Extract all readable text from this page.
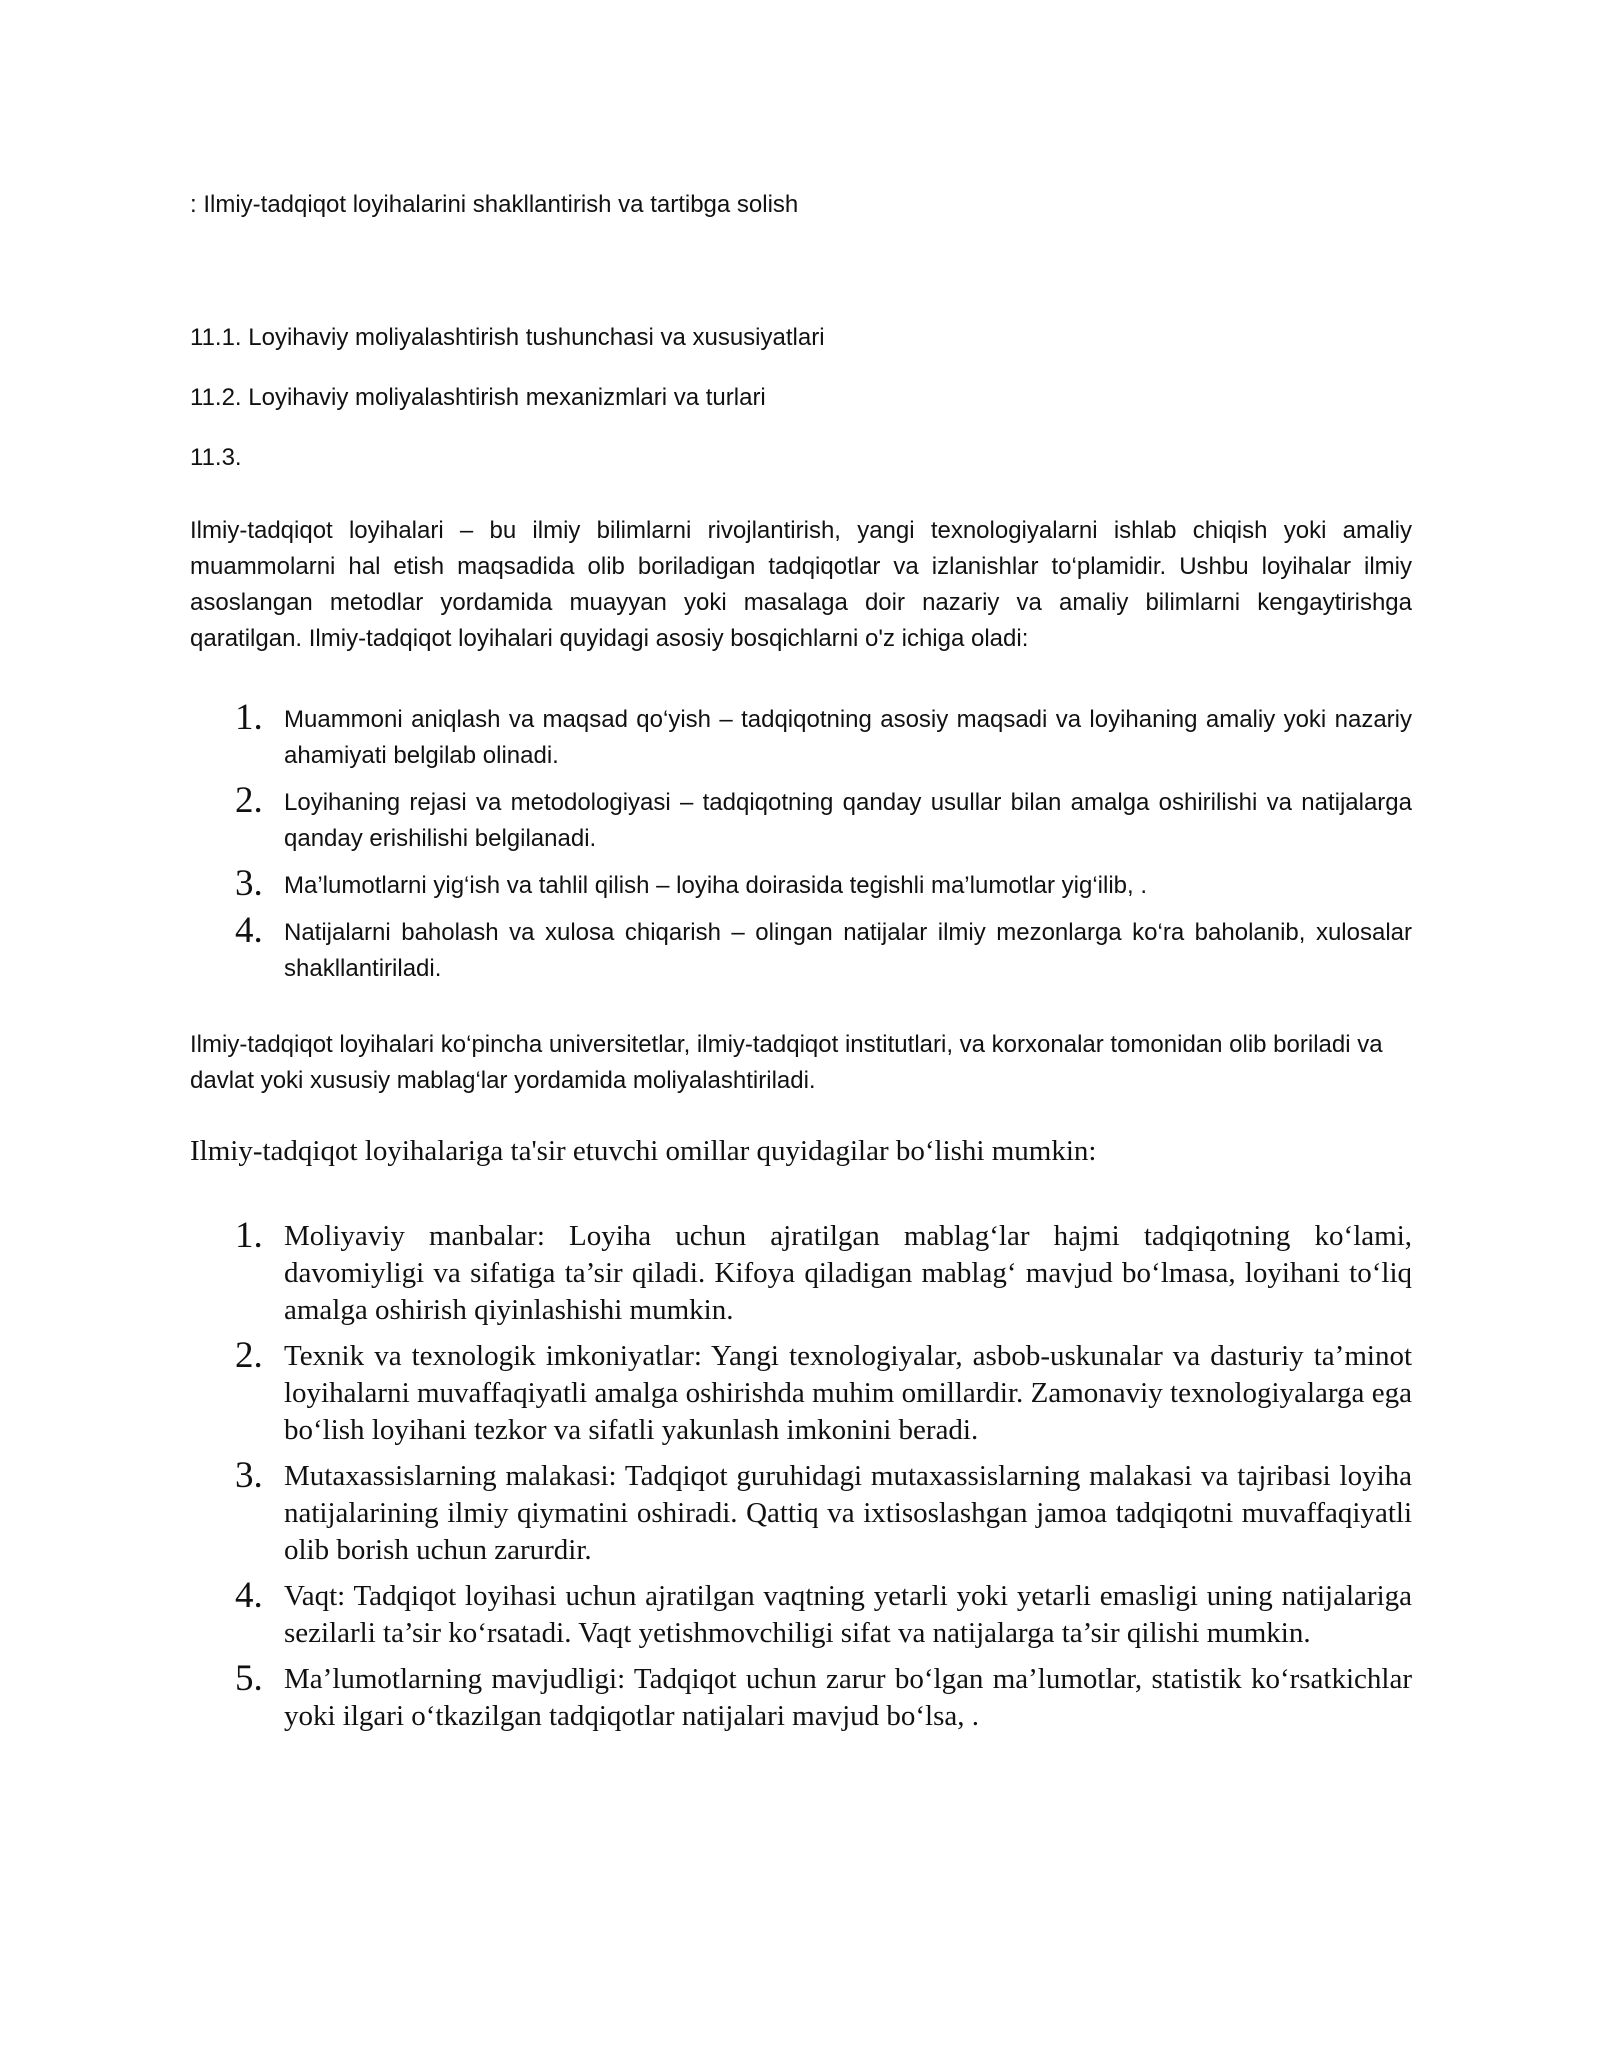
: Ilmiy-tadqiqot loyihalarini shakllantirish va tartibga solish

11.1. Loyihaviy moliyalashtirish tushunchasi va xususiyatlari

11.2. Loyihaviy moliyalashtirish mexanizmlari va turlari

11.3.

Ilmiy-tadqiqot loyihalari – bu ilmiy bilimlarni rivojlantirish, yangi texnologiyalarni ishlab chiqish yoki amaliy muammolarni hal etish maqsadida olib boriladigan tadqiqotlar va izlanishlar to‘plamidir. Ushbu loyihalar ilmiy asoslangan metodlar yordamida muayyan yoki masalaga doir nazariy va amaliy bilimlarni kengaytirishga qaratilgan. Ilmiy-tadqiqot loyihalari quyidagi asosiy bosqichlarni o'z ichiga oladi:

1. Muammoni aniqlash va maqsad qo‘yish – tadqiqotning asosiy maqsadi va loyihaning amaliy yoki nazariy ahamiyati belgilab olinadi.
2. Loyihaning rejasi va metodologiyasi – tadqiqotning qanday usullar bilan amalga oshirilishi va natijalarga qanday erishilishi belgilanadi.
3. Ma’lumotlarni yig‘ish va tahlil qilish – loyiha doirasida tegishli ma’lumotlar yig‘ilib, .
4. Natijalarni baholash va xulosa chiqarish – olingan natijalar ilmiy mezonlarga ko‘ra baholanib, xulosalar shakllantiriladi.

Ilmiy-tadqiqot loyihalari ko‘pincha universitetlar, ilmiy-tadqiqot institutlari, va korxonalar tomonidan olib boriladi va davlat yoki xususiy mablag‘lar yordamida moliyalashtiriladi.

Ilmiy-tadqiqot loyihalariga ta'sir etuvchi omillar quyidagilar bo‘lishi mumkin:

1. Moliyaviy manbalar: Loyiha uchun ajratilgan mablag‘lar hajmi tadqiqotning ko‘lami, davomiyligi va sifatiga ta’sir qiladi. Kifoya qiladigan mablag‘ mavjud bo‘lmasa, loyihani to‘liq amalga oshirish qiyinlashishi mumkin.
2. Texnik va texnologik imkoniyatlar: Yangi texnologiyalar, asbob-uskunalar va dasturiy ta’minot loyihalarni muvaffaqiyatli amalga oshirishda muhim omillardir. Zamonaviy texnologiyalarga ega bo‘lish loyihani tezkor va sifatli yakunlash imkonini beradi.
3. Mutaxassislarning malakasi: Tadqiqot guruhidagi mutaxassislarning malakasi va tajribasi loyiha natijalarining ilmiy qiymatini oshiradi. Qattiq va ixtisoslashgan jamoa tadqiqotni muvaffaqiyatli olib borish uchun zarurdir.
4. Vaqt: Tadqiqot loyihasi uchun ajratilgan vaqtning yetarli yoki yetarli emasligi uning natijalariga sezilarli ta’sir ko‘rsatadi. Vaqt yetishmovchiligi sifat va natijalarga ta’sir qilishi mumkin.
5. Ma’lumotlarning mavjudligi: Tadqiqot uchun zarur bo‘lgan ma’lumotlar, statistik ko‘rsatkichlar yoki ilgari o‘tkazilgan tadqiqotlar natijalari mavjud bo‘lsa, .
